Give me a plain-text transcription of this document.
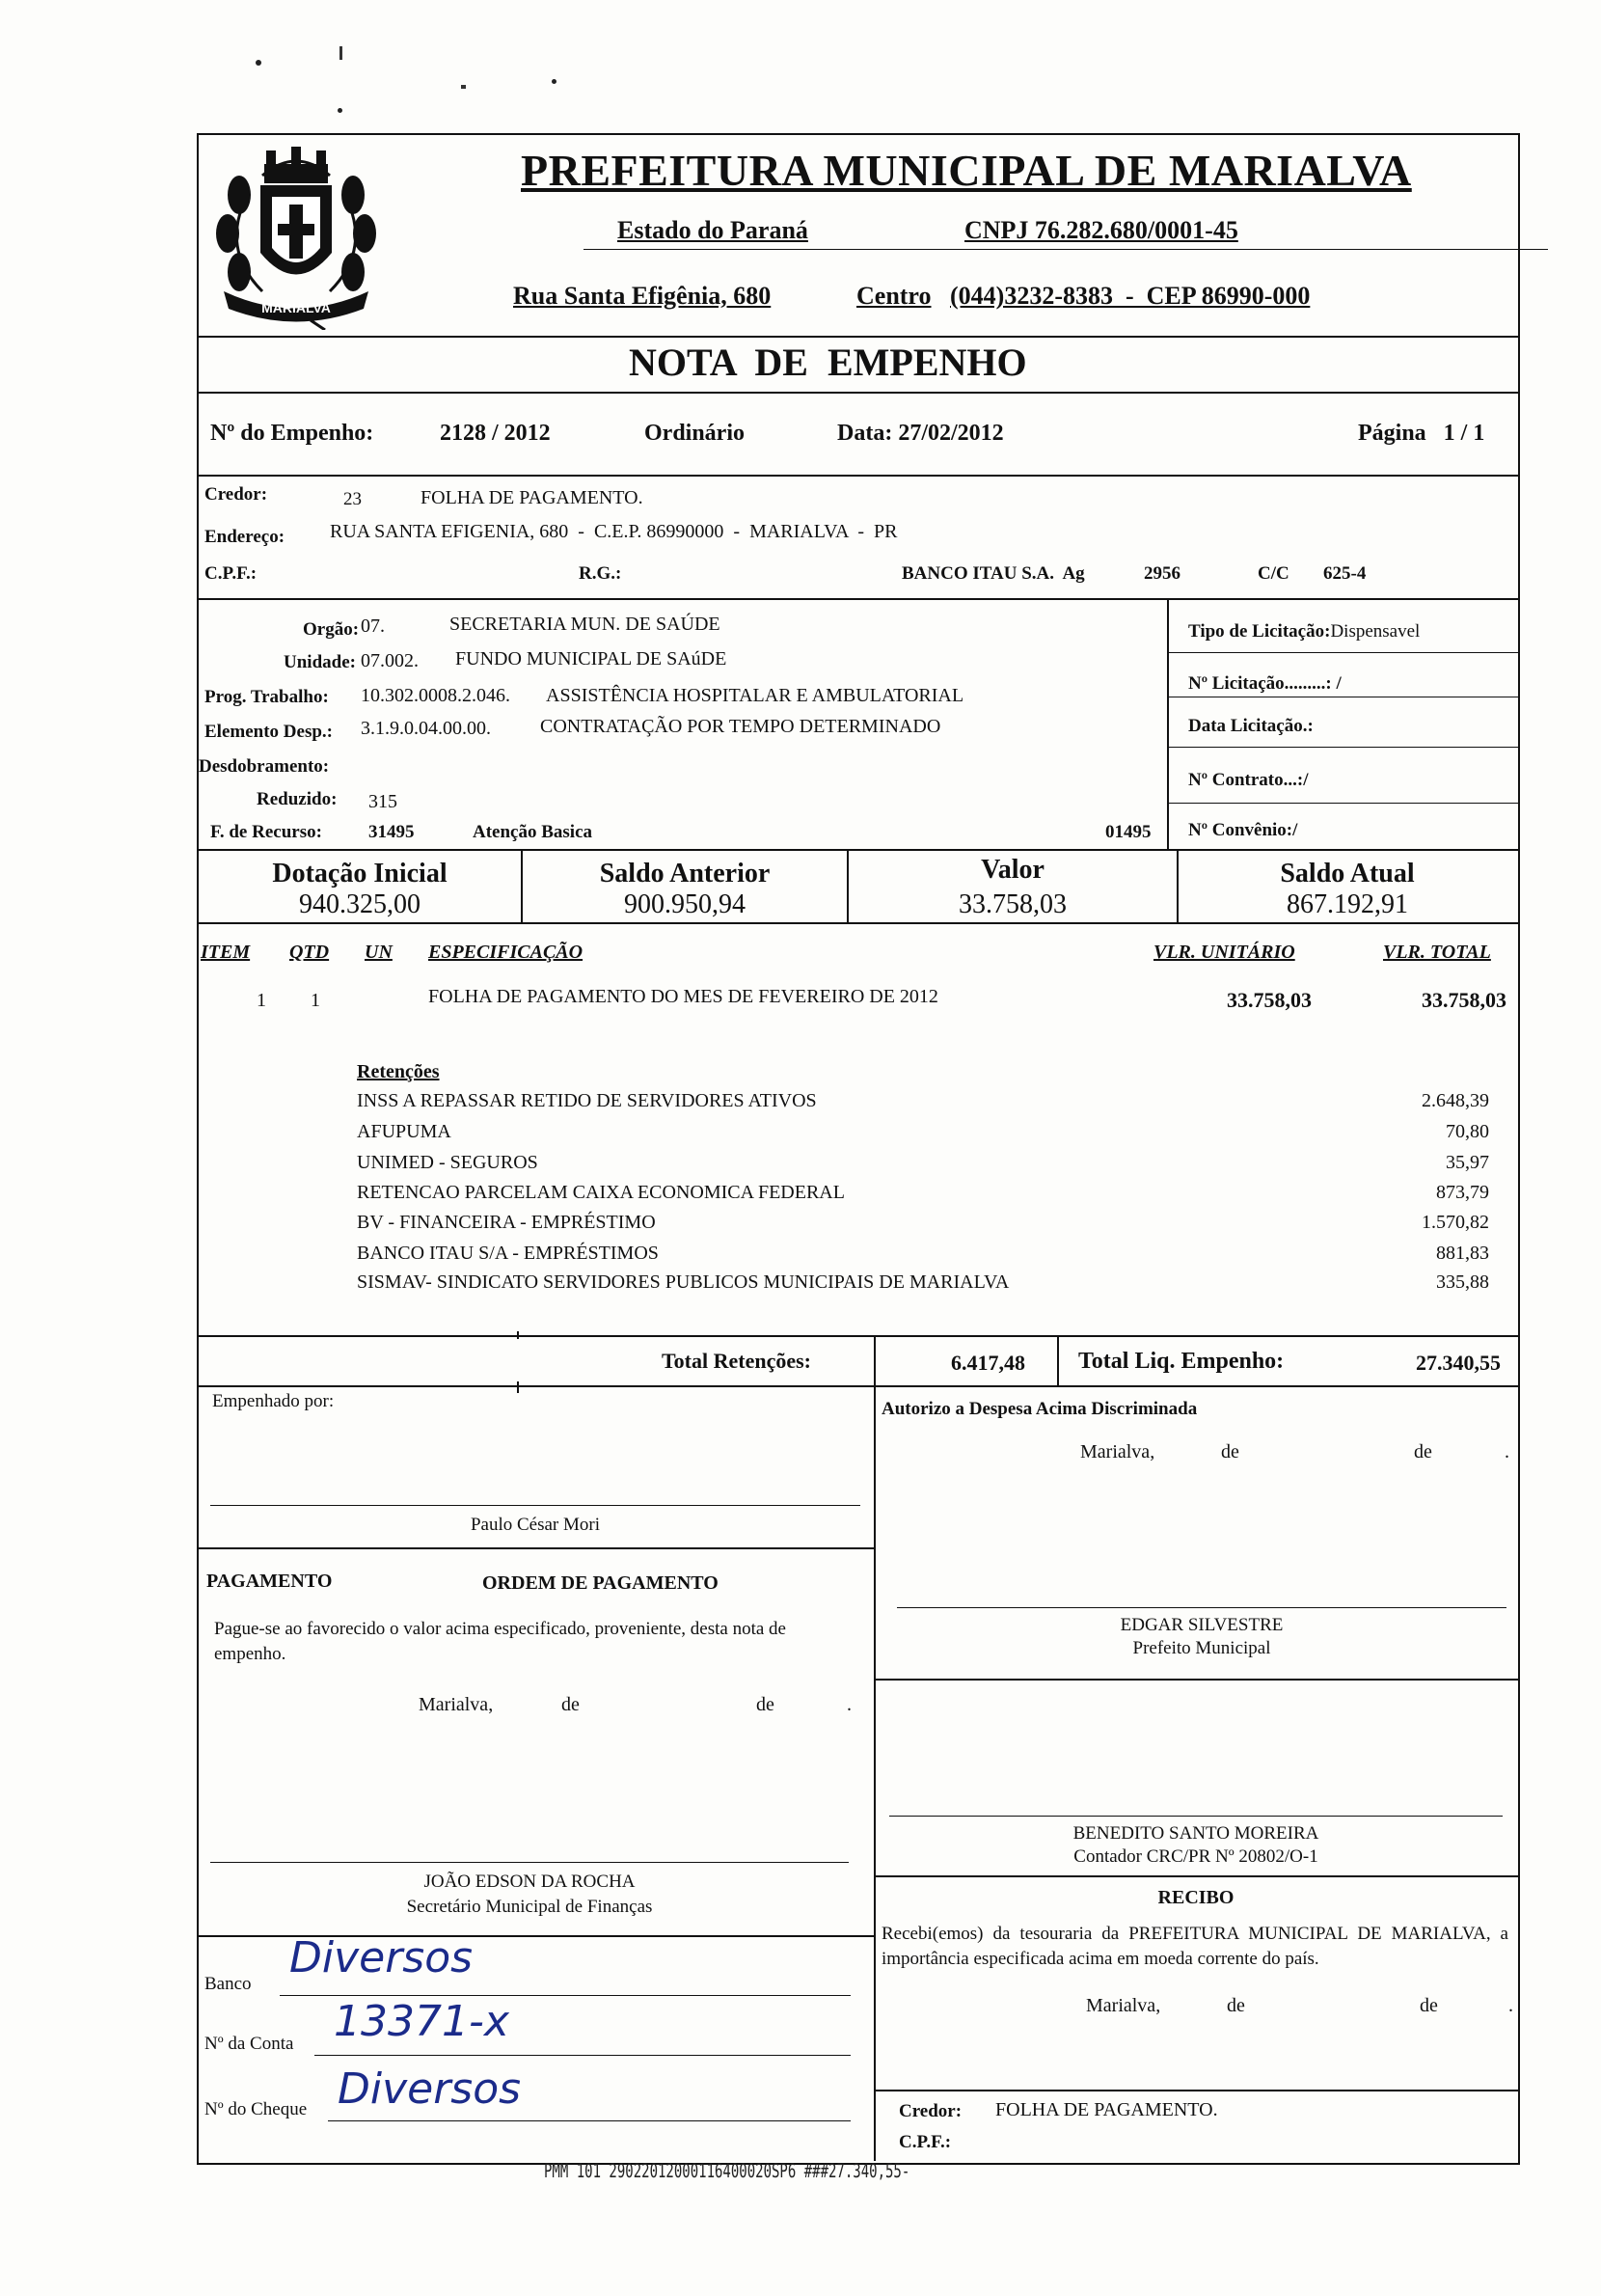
MARIALVA
PREFEITURA MUNICIPAL DE MARIALVA
Estado do Paraná	CNPJ 76.282.680/0001-45
Rua Santa Efigênia, 680	Centro (044)3232-8383  -  CEP 86990-000
NOTA  DE  EMPENHO
Nº do Empenho:	2128 / 2012	Ordinário	Data: 27/02/2012	Página   1 / 1
Credor:	23	FOLHA DE PAGAMENTO.
Endereço: RUA SANTA EFIGENIA, 680  -  C.E.P. 86990000  -  MARIALVA  -  PR
C.P.F.:	R.G.:	BANCO ITAU S.A.  Ag	2956	C/C 625-4
Orgão: 07.	SECRETARIA MUN. DE SAÚDE
Unidade: 07.002. FUNDO MUNICIPAL DE SAúDE
Prog. Trabalho: 10.302.0008.2.046. ASSISTÊNCIA HOSPITALAR E AMBULATORIAL
Elemento Desp.: 3.1.9.0.04.00.00.	CONTRATAÇÃO POR TEMPO DETERMINADO
Desdobramento:
Reduzido: 315
F. de Recurso:	31495	Atenção Basica	01495
Tipo de Licitação:Dispensavel
Nº Licitação.........: /
Data Licitação.:
Nº Contrato...:/
Nº Convênio:/
Dotação Inicial
940.325,00
Saldo Anterior
900.950,94
Valor
33.758,03
Saldo Atual
867.192,91
ITEM QTD UN ESPECIFICAÇÃO	VLR. UNITÁRIO	VLR. TOTAL
1 1	FOLHA DE PAGAMENTO DO MES DE FEVEREIRO DE 2012	33.758,03	33.758,03
Retenções
INSS A REPASSAR RETIDO DE SERVIDORES ATIVOS	2.648,39
AFUPUMA	70,80
UNIMED - SEGUROS	35,97
RETENCAO PARCELAM CAIXA ECONOMICA FEDERAL	873,79
BV - FINANCEIRA - EMPRÉSTIMO	1.570,82
BANCO ITAU S/A - EMPRÉSTIMOS	881,83
SISMAV- SINDICATO SERVIDORES PUBLICOS MUNICIPAIS DE MARIALVA	335,88
Total Retenções:	6.417,48 Total Liq. Empenho:	27.340,55
Empenhado por:
Paulo César Mori
PAGAMENTO	ORDEM DE PAGAMENTO
Pague-se ao favorecido o valor acima especificado, proveniente, desta nota de empenho.
Marialva,	de	de	.
JOÃO EDSON DA ROCHA
Secretário Municipal de Finanças
Banco
Diversos
Nº da Conta 13371-x
Nº do Cheque Diversos
Autorizo a Despesa Acima Discriminada
Marialva,	de	de	.
EDGAR SILVESTRE
Prefeito Municipal
BENEDITO SANTO MOREIRA
Contador CRC/PR Nº 20802/O-1
RECIBO
Recebi(emos) da tesouraria da PREFEITURA MUNICIPAL DE MARIALVA, a importância especificada acima em moeda corrente do país.
Marialva,	de	de	.
Credor: FOLHA DE PAGAMENTO.
C.P.F.:
PMM 101 29022012000116400020SP6 ###27.340,55-
